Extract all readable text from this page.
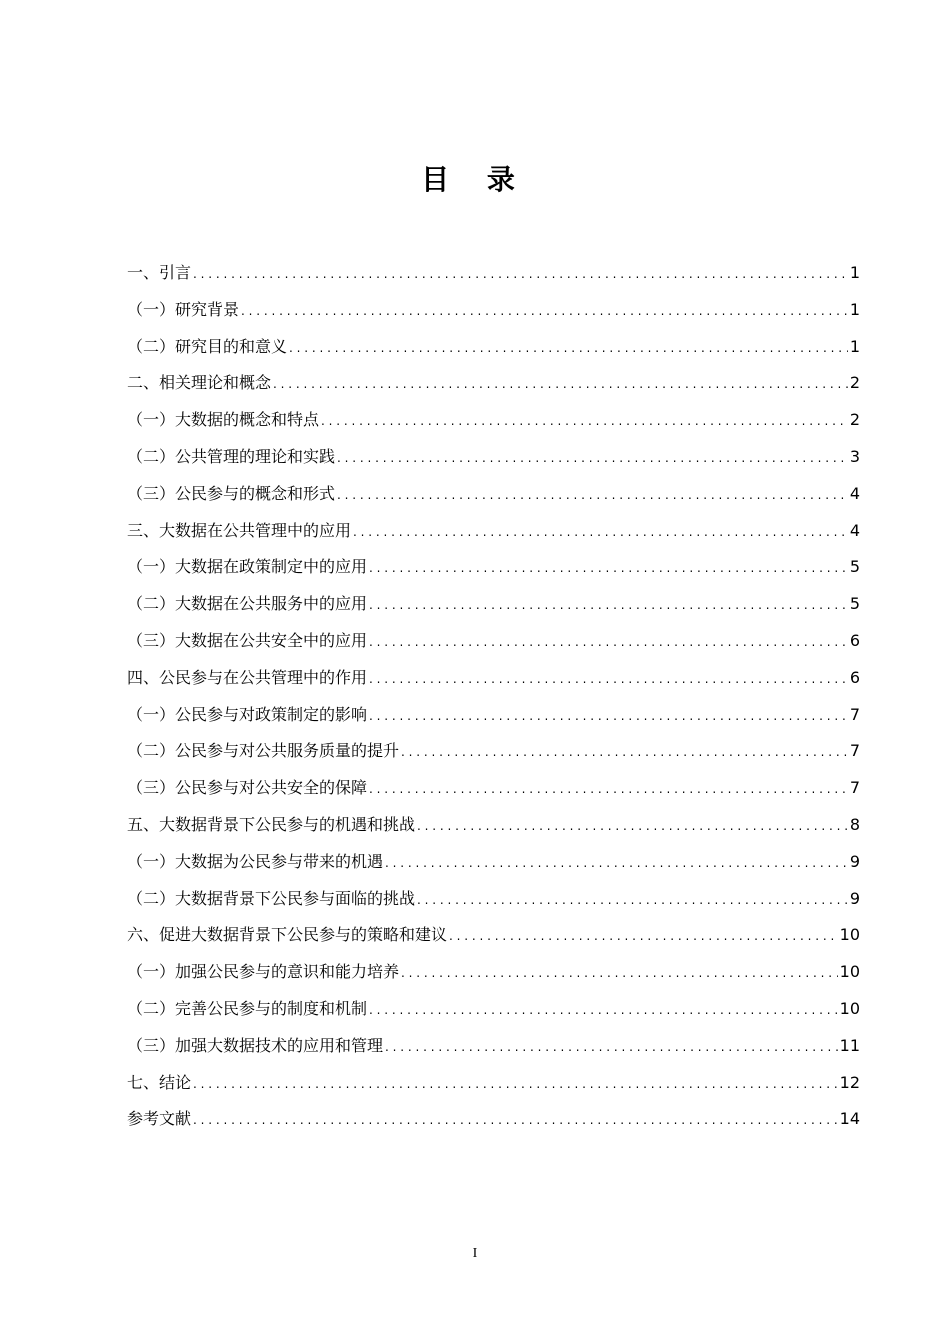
目 录
一、引言 . . .	1
（一）研究背景 . . .	1
（二）研究目的和意义 . . .	1
二、相关理论和概念 . . .	2
（一）大数据的概念和特点 . . .	2
（二）公共管理的理论和实践 . . .	3
（三）公民参与的概念和形式 . . .	4
三、大数据在公共管理中的应用 . . .	4
（一）大数据在政策制定中的应用 . . .	5
（二）大数据在公共服务中的应用 . . .	5
（三）大数据在公共安全中的应用 . . .	6
四、公民参与在公共管理中的作用 . . .	6
（一）公民参与对政策制定的影响 . . .	7
（二）公民参与对公共服务质量的提升 . . .	7
（三）公民参与对公共安全的保障 . . .	7
五、大数据背景下公民参与的机遇和挑战 . . .	8
（一）大数据为公民参与带来的机遇 . . .	9
（二）大数据背景下公民参与面临的挑战 . . .	9
六、促进大数据背景下公民参与的策略和建议 . . .	10
（一）加强公民参与的意识和能力培养 . . .	10
（二）完善公民参与的制度和机制 . . .	10
（三）加强大数据技术的应用和管理 . . .	11
七、结论 . . .	12
参考文献 . . .	14
I
